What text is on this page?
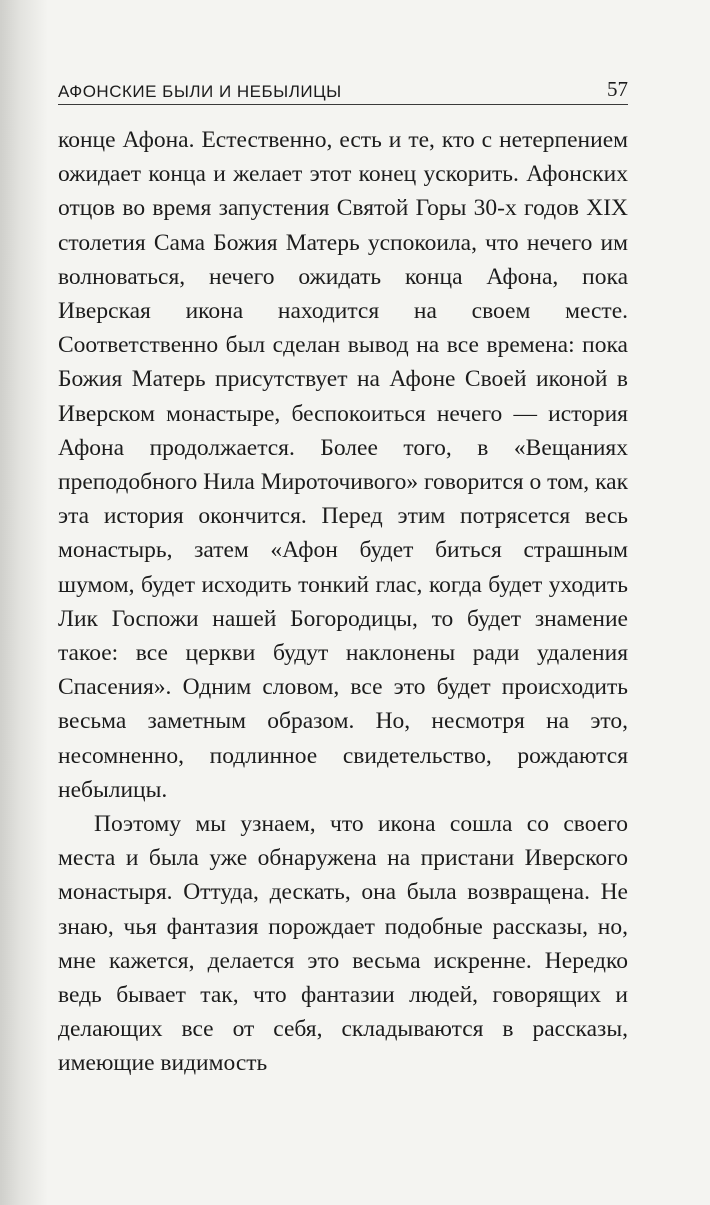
АФОНСКИЕ БЫЛИ И НЕБЫЛИЦЫ	57

конце Афона. Естественно, есть и те, кто с нетерпением ожидает конца и желает этот конец ускорить. Афонских отцов во время запустения Святой Горы 30-х годов XIX столетия Сама Божия Матерь успокоила, что нечего им волноваться, нечего ожидать конца Афона, пока Иверская икона находится на своем месте. Соответственно был сделан вывод на все времена: пока Божия Матерь присутствует на Афоне Своей иконой в Иверском монастыре, беспокоиться нечего — история Афона продолжается. Более того, в «Вещаниях преподобного Нила Мироточивого» говорится о том, как эта история окончится. Перед этим потрясется весь монастырь, затем «Афон будет биться страшным шумом, будет исходить тонкий глас, когда будет уходить Лик Госпожи нашей Богородицы, то будет знамение такое: все церкви будут наклонены ради удаления Спасения». Одним словом, все это будет происходить весьма заметным образом. Но, несмотря на это, несомненно, подлинное свидетельство, рождаются небылицы.

Поэтому мы узнаем, что икона сошла со своего места и была уже обнаружена на пристани Иверского монастыря. Оттуда, дескать, она была возвращена. Не знаю, чья фантазия порождает подобные рассказы, но, мне кажется, делается это весьма искренне. Нередко ведь бывает так, что фантазии людей, говорящих и делающих все от себя, складываются в рассказы, имеющие видимость
